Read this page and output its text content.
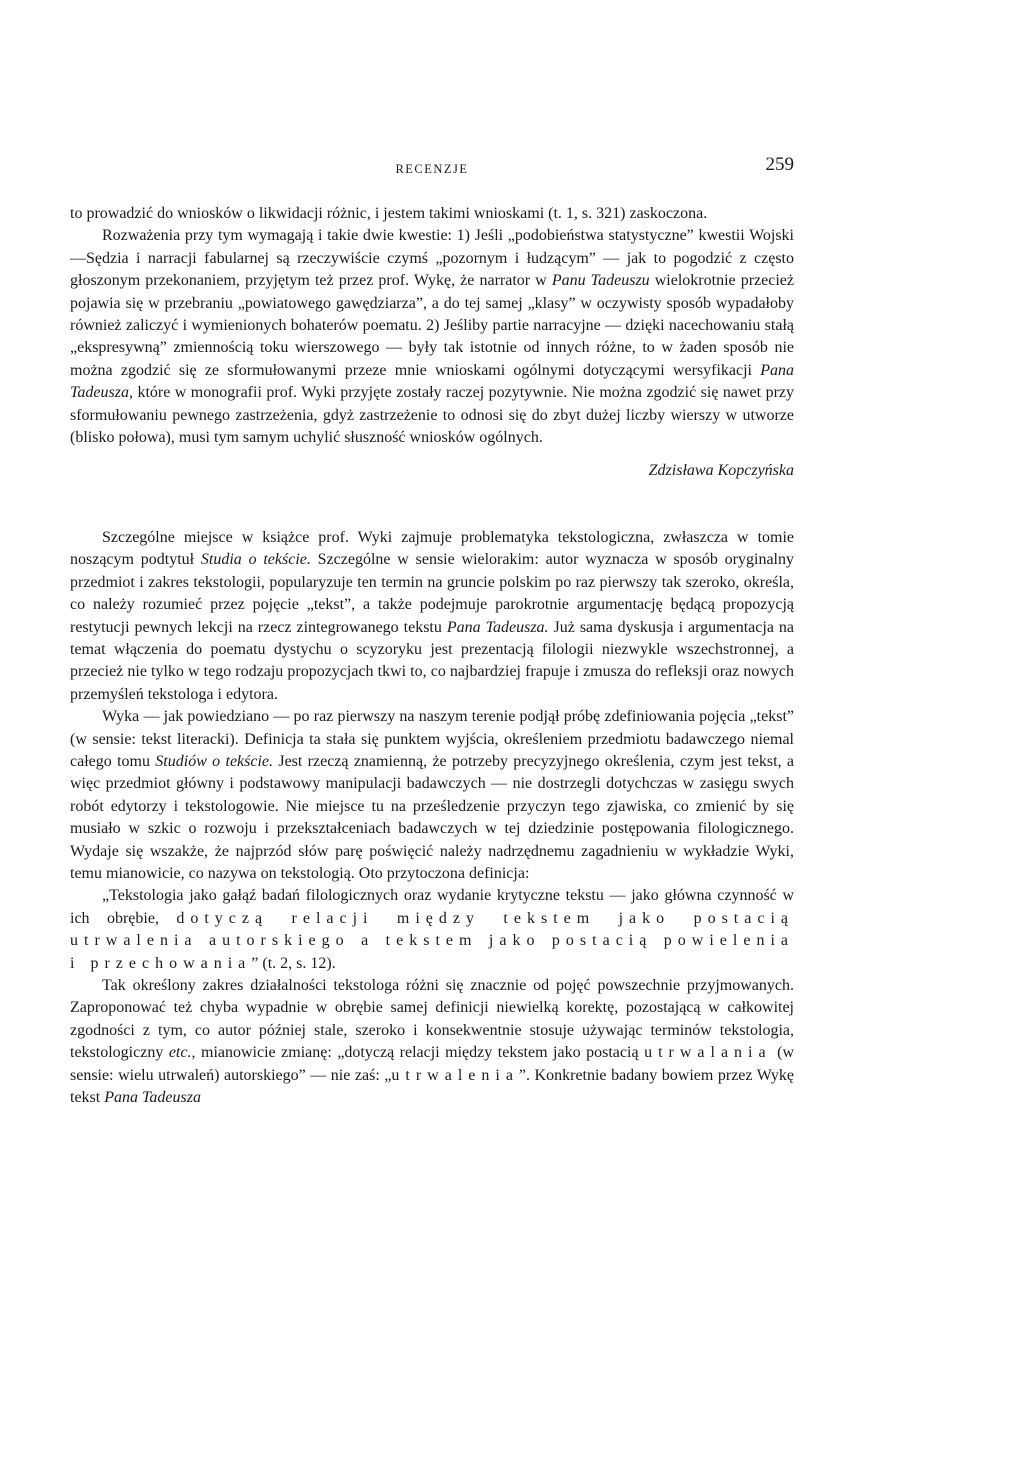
RECENZJE	259

to prowadzić do wniosków o likwidacji różnic, i jestem takimi wnioskami (t. 1, s. 321) zaskoczona.

Rozważenia przy tym wymagają i takie dwie kwestie: 1) Jeśli „podobieństwa statystyczne” kwestii Wojski—Sędzia i narracji fabularnej są rzeczywiście czymś „pozornym i łudzącym” — jak to pogodzić z często głoszonym przekonaniem, przyjętym też przez prof. Wykę, że narrator w Panu Tadeuszu wielokrotnie przecież pojawia się w przebraniu „powiatowego gawędziarza”, a do tej samej „klasy” w oczywisty sposób wypadałoby również zaliczyć i wymienionych bohaterów poematu. 2) Jeśliby partie narracyjne — dzięki nacechowaniu stałą „ekspresywną” zmiennością toku wierszowego — były tak istotnie od innych różne, to w żaden sposób nie można zgodzić się ze sformułowanymi przeze mnie wnioskami ogólnymi dotyczącymi wersyfikacji Pana Tadeusza, które w monografii prof. Wyki przyjęte zostały raczej pozytywnie. Nie można zgodzić się nawet przy sformułowaniu pewnego zastrzeżenia, gdyż zastrzeżenie to odnosi się do zbyt dużej liczby wierszy w utworze (blisko połowa), musi tym samym uchylić słuszność wniosków ogólnych.

Zdzisława Kopczyńska

Szczególne miejsce w książce prof. Wyki zajmuje problematyka tekstologiczna, zwłaszcza w tomie noszącym podtytuł Studia o tekście. Szczególne w sensie wielorakim: autor wyznacza w sposób oryginalny przedmiot i zakres tekstologii, popularyzuje ten termin na gruncie polskim po raz pierwszy tak szeroko, określa, co należy rozumieć przez pojęcie „tekst”, a także podejmuje parokrotnie argumentację będącą propozycją restytucji pewnych lekcji na rzecz zintegrowanego tekstu Pana Tadeusza. Już sama dyskusja i argumentacja na temat włączenia do poematu dystychu o scyzoryku jest prezentacją filologii niezwykle wszechstronnej, a przecież nie tylko w tego rodzaju propozycjach tkwi to, co najbardziej frapuje i zmusza do refleksji oraz nowych przemyśleń tekstologa i edytora.

Wyka — jak powiedziano — po raz pierwszy na naszym terenie podjął próbę zdefiniowania pojęcia „tekst” (w sensie: tekst literacki). Definicja ta stała się punktem wyjścia, określeniem przedmiotu badawczego niemal całego tomu Studiów o tekście. Jest rzeczą znamienną, że potrzeby precyzyjnego określenia, czym jest tekst, a więc przedmiot główny i podstawowy manipulacji badawczych — nie dostrzegli dotychczas w zasięgu swych robót edytorzy i tekstologowie. Nie miejsce tu na prześledzenie przyczyn tego zjawiska, co zmienić by się musiało w szkic o rozwoju i przekształceniach badawczych w tej dziedzinie postępowania filologicznego. Wydaje się wszakże, że najprzód słów parę poświęcić należy nadrzędnemu zagadnieniu w wykładzie Wyki, temu mianowicie, co nazywa on tekstologią. Oto przytoczona definicja:

„Tekstologia jako gałąź badań filologicznych oraz wydanie krytyczne tekstu — jako główna czynność w ich obrębie, dotyczą relacji między tekstem jako postacią utrwalenia autorskiego a tekstem jako postacią powielenia i przechowania” (t. 2, s. 12).

Tak określony zakres działalności tekstologa różni się znacznie od pojęć powszechnie przyjmowanych. Zaproponować też chyba wypadnie w obrębie samej definicji niewielką korektę, pozostającą w całkowitej zgodności z tym, co autor później stale, szeroko i konsekwentnie stosuje używając terminów tekstologia, tekstologiczny etc., mianowicie zmianę: „dotyczą relacji między tekstem jako postacią utrwalania (w sensie: wielu utrwaleń) autorskiego” — nie zaś: „utrwalenia”. Konkretnie badany bowiem przez Wykę tekst Pana Tadeusza
